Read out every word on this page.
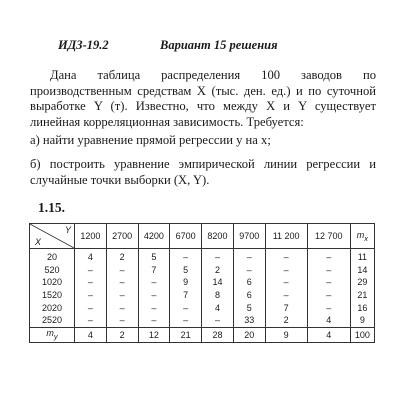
ИДЗ-19.2	Вариант 15 решения

Дана таблица распределения 100 заводов по производственным средствам X (тыс. ден. ед.) и по суточной выработке Y (т). Известно, что между X и Y существует линейная корреляционная зависимость. Требуется:

а) найти уравнение прямой регрессии y на x;

б) построить уравнение эмпирической линии регрессии и случайные точки выборки (X, Y).

1.15.
Y
X	1200	2700	4200	6700	8200	9700	11 200	12 700	$m_x$
20	4	2	5	–	–	–	–	–	11
520	–	–	7	5	2	–	–	–	14
1020	–	–	–	9	14	6	–	–	29
1520	–	–	–	7	8	6	–	–	21
2020	–	–	–	–	4	5	7	–	16
2520	–	–	–	–	–	33	2	4	9
$m_y$	4	2	12	21	28	20	9	4	100
